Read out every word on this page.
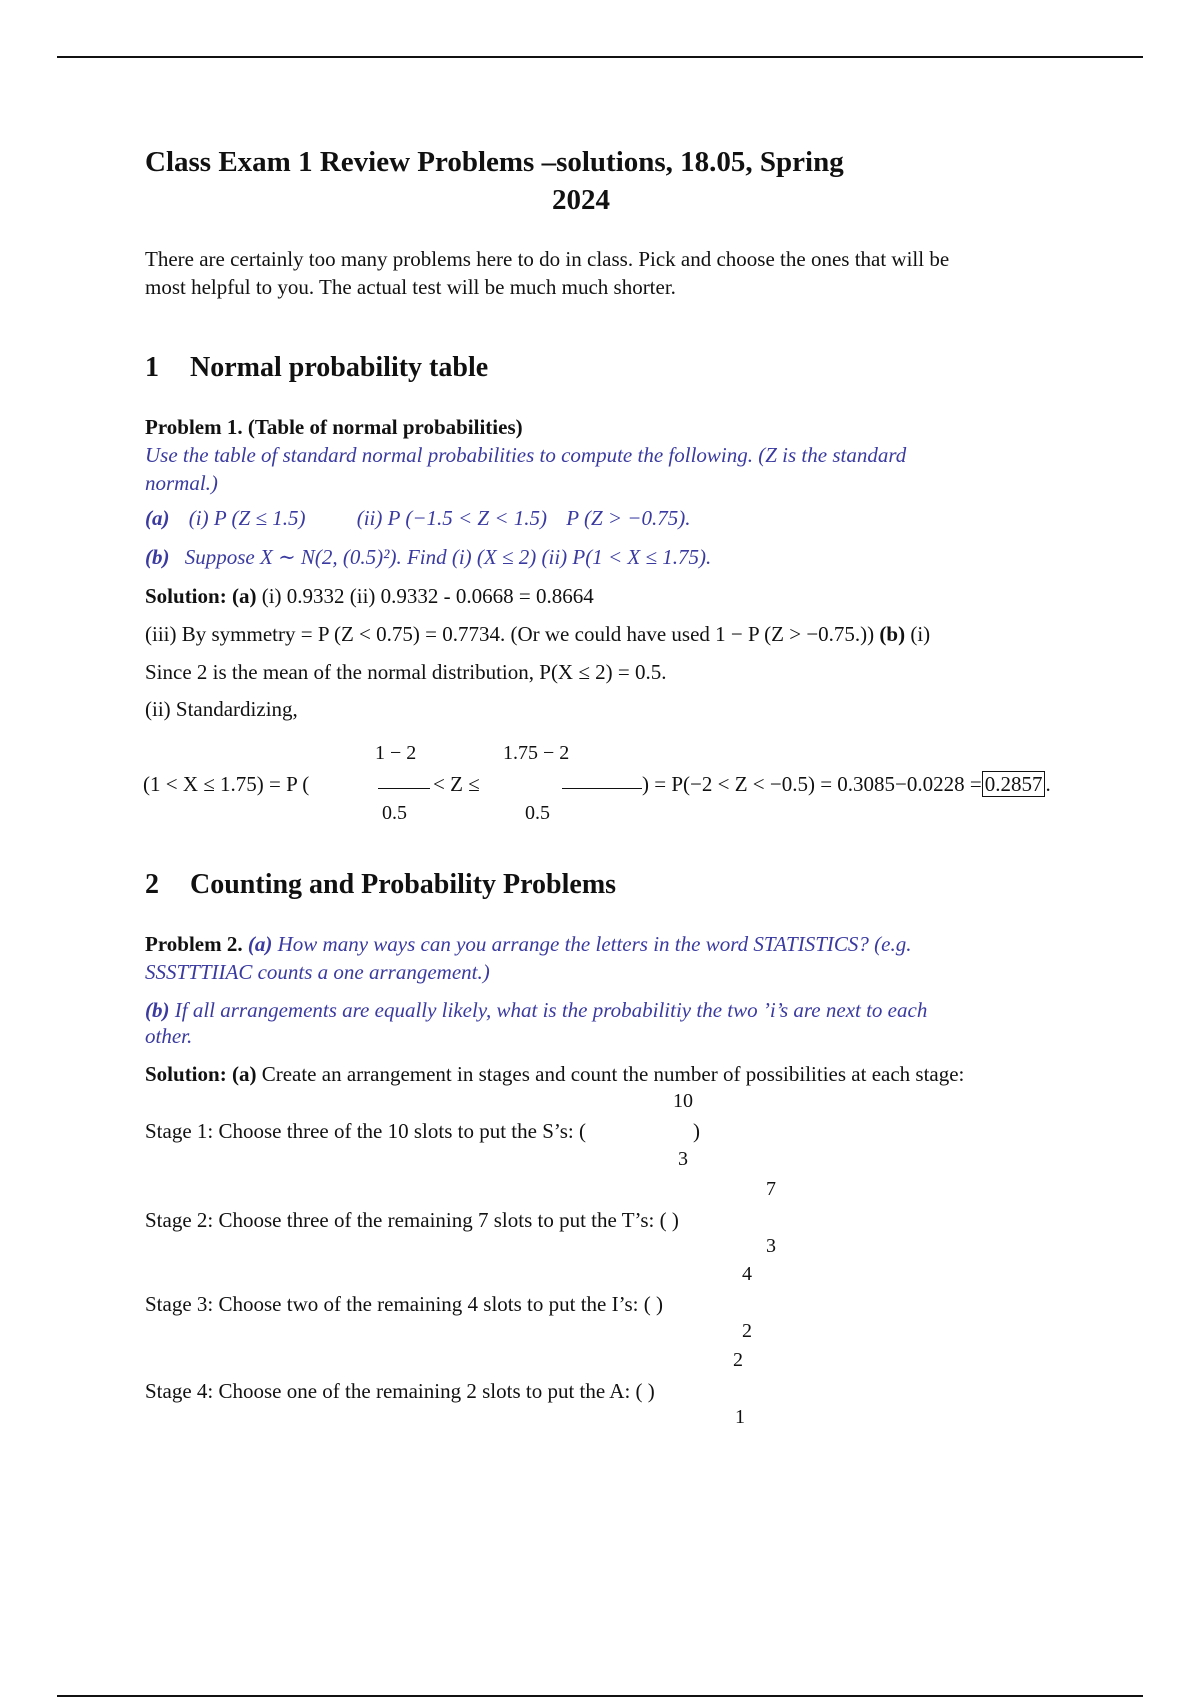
Class Exam 1 Review Problems –solutions, 18.05, Spring
2024
There are certainly too many problems here to do in class. Pick and choose the ones that will be
most helpful to you. The actual test will be much much shorter.
1 Normal probability table
Problem 1. (Table of normal probabilities)
Use the table of standard normal probabilities to compute the following. (Z is the standard
normal.)
(a) (i) P (Z ≤ 1.5) (ii) P (−1.5 < Z < 1.5) P (Z > −0.75).
(b) Suppose X ∼ N(2, (0.5)²). Find (i) (X ≤ 2) (ii) P(1 < X ≤ 1.75).
Solution: (a) (i) 0.9332 (ii) 0.9332 - 0.0668 = 0.8664
(iii) By symmetry = P (Z < 0.75) = 0.7734. (Or we could have used 1 − P (Z > −0.75.)) (b) (i)
Since 2 is the mean of the normal distribution, P(X ≤ 2) = 0.5.
(ii) Standardizing,
(1 < X ≤ 1.75) = P (
1 − 2
0.5
< Z ≤
1.75 − 2
0.5
) = P(−2 < Z < −0.5) = 0.3085−0.0228 = 0.2857 .
2 Counting and Probability Problems
Problem 2. (a) How many ways can you arrange the letters in the word STATISTICS? (e.g.
SSSTTTIIAC counts a one arrangement.)
(b) If all arrangements are equally likely, what is the probabilitiy the two ’i’s are next to each
other.
Solution: (a) Create an arrangement in stages and count the number of possibilities at each stage:
10
Stage 1: Choose three of the 10 slots to put the S’s: (	)
3
7
Stage 2: Choose three of the remaining 7 slots to put the T’s: ( )
3
4
Stage 3: Choose two of the remaining 4 slots to put the I’s: ( )
2
2
Stage 4: Choose one of the remaining 2 slots to put the A: ( )
1
